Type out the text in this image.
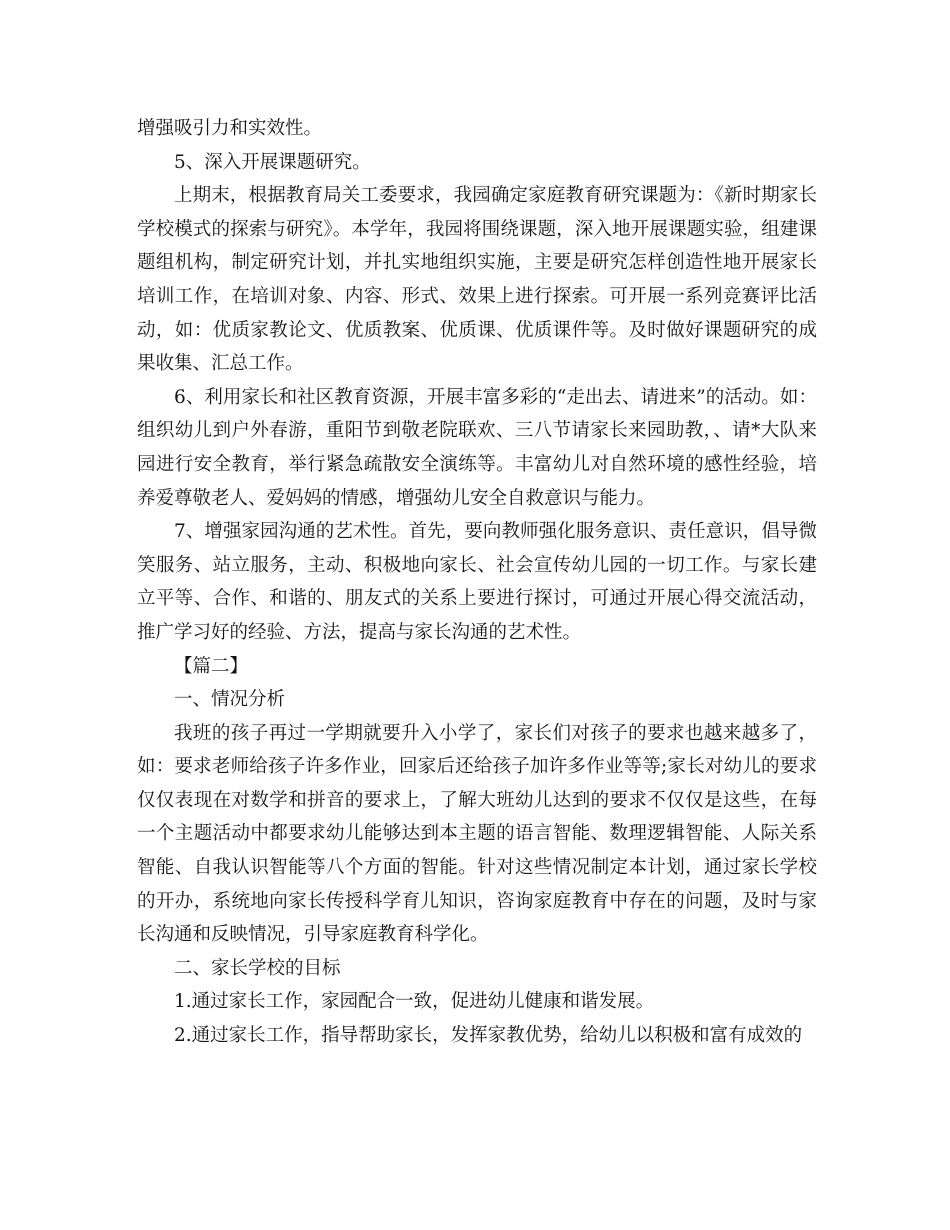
增强吸引力和实效性。

5、深入开展课题研究。

上期末，根据教育局关工委要求，我园确定家庭教育研究课题为：《新时期家长学校模式的探索与研究》。本学年，我园将围绕课题，深入地开展课题实验，组建课题组机构，制定研究计划，并扎实地组织实施，主要是研究怎样创造性地开展家长培训工作，在培训对象、内容、形式、效果上进行探索。可开展一系列竞赛评比活动，如：优质家教论文、优质教案、优质课、优质课件等。及时做好课题研究的成果收集、汇总工作。

6、利用家长和社区教育资源，开展丰富多彩的“走出去、请进来”的活动。如：组织幼儿到户外春游，重阳节到敬老院联欢、三八节请家长来园助教，、请*大队来园进行安全教育，举行紧急疏散安全演练等。丰富幼儿对自然环境的感性经验，培养爱尊敬老人、爱妈妈的情感，增强幼儿安全自救意识与能力。

7、增强家园沟通的艺术性。首先，要向教师强化服务意识、责任意识，倡导微笑服务、站立服务，主动、积极地向家长、社会宣传幼儿园的一切工作。与家长建立平等、合作、和谐的、朋友式的关系上要进行探讨，可通过开展心得交流活动，推广学习好的经验、方法，提高与家长沟通的艺术性。

【篇二】

一、情况分析

我班的孩子再过一学期就要升入小学了，家长们对孩子的要求也越来越多了，如：要求老师给孩子许多作业，回家后还给孩子加许多作业等等;家长对幼儿的要求仅仅表现在对数学和拼音的要求上，了解大班幼儿达到的要求不仅仅是这些，在每一个主题活动中都要求幼儿能够达到本主题的语言智能、数理逻辑智能、人际关系智能、自我认识智能等八个方面的智能。针对这些情况制定本计划，通过家长学校的开办，系统地向家长传授科学育儿知识，咨询家庭教育中存在的问题，及时与家长沟通和反映情况，引导家庭教育科学化。

二、家长学校的目标

1.通过家长工作，家园配合一致，促进幼儿健康和谐发展。

2.通过家长工作，指导帮助家长，发挥家教优势，给幼儿以积极和富有成效的
